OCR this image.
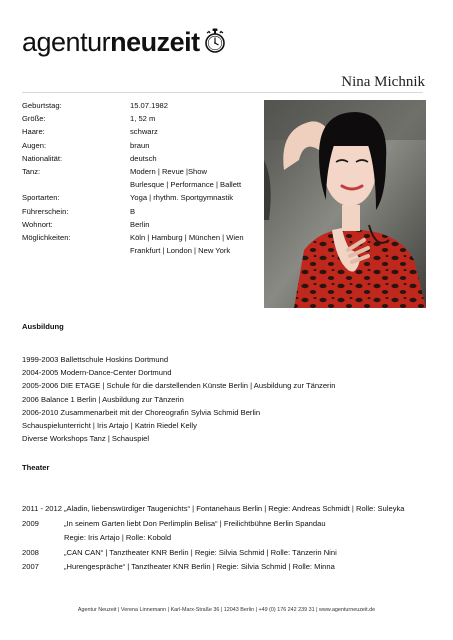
agenturneuzeit
Nina Michnik
Geburtstag:	15.07.1982
Größe:	1, 52 m
Haare:	schwarz
Augen:	braun
Nationalität:	deutsch
Tanz:	Modern | Revue |Show
Burlesque | Performance | Ballett
Sportarten:	Yoga | rhythm. Sportgymnastik
Führerschein:	B
Wohnort:	Berlin
Möglichkeiten:	Köln | Hamburg | München | Wien
Frankfurt | London | New York
Ausbildung
1999-2003 Ballettschule Hoskins Dortmund
2004-2005 Modern-Dance-Center Dortmund
2005-2006 DIE ETAGE | Schule für die darstellenden Künste Berlin | Ausbildung zur Tänzerin
2006 Balance 1 Berlin | Ausbildung zur Tänzerin
2006-2010 Zusammenarbeit mit der Choreografin Sylvia Schmid Berlin
Schauspielunterricht | Iris Artajo | Katrin Riedel Kelly
Diverse Workshops Tanz | Schauspiel
Theater
2011 - 2012 „Aladin, liebenswürdiger Taugenichts“ | Fontanehaus Berlin | Regie: Andreas Schmidt | Rolle: Suleyka
2009	„In seinem Garten liebt Don Perlimplin Belisa“ | Freilichtbühne Berlin Spandau
Regie: Iris Artajo | Rolle: Kobold
2008	„CAN CAN“ | Tanztheater KNR Berlin | Regie: Silvia Schmid | Rolle: Tänzerin Nini
2007	„Hurengespräche“ | Tanztheater KNR Berlin | Regie: Silvia Schmid | Rolle: Minna
Agentur Neuzeit | Verena Linnemann | Karl-Marx-Straße 36 | 12043 Berlin | +49 (0) 176 242 239 31 | www.agenturneuzeit.de
